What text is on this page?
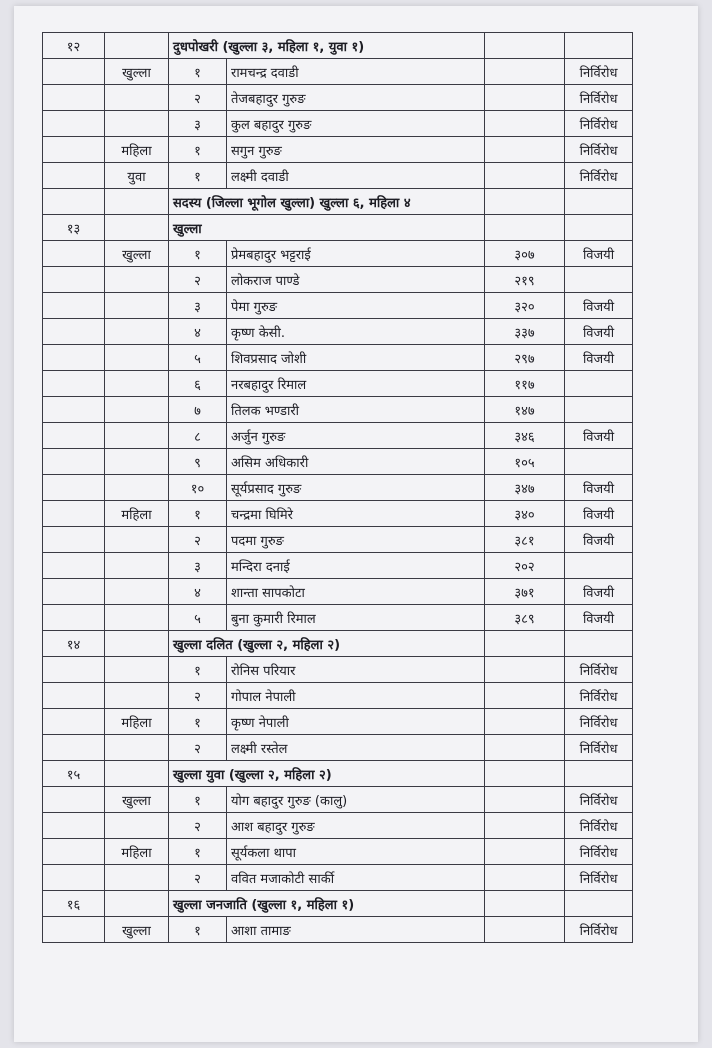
१२		दुधपोखरी (खुल्ला ३, महिला १, युवा १)			
	खुल्ला	१	रामचन्द्र दवाडी		निर्विरोध
		२	तेजबहादुर गुरुङ		निर्विरोध
		३	कुल बहादुर गुरुङ		निर्विरोध
	महिला	१	सगुन गुरुङ		निर्विरोध
	युवा	१	लक्ष्मी दवाडी		निर्विरोध
		सदस्य (जिल्ला भूगोल खुल्ला) खुल्ला ६, महिला ४			
१३		खुल्ला			
	खुल्ला	१	प्रेमबहादुर भट्टराई	३०७	विजयी
		२	लोकराज पाण्डे	२१९	
		३	पेमा गुरुङ	३२०	विजयी
		४	कृष्ण केसी.	३३७	विजयी
		५	शिवप्रसाद जोशी	२९७	विजयी
		६	नरबहादुर रिमाल	११७	
		७	तिलक भण्डारी	१४७	
		८	अर्जुन गुरुङ	३४६	विजयी
		९	असिम अधिकारी	१०५	
		१०	सूर्यप्रसाद गुरुङ	३४७	विजयी
	महिला	१	चन्द्रमा घिमिरे	३४०	विजयी
		२	पदमा गुरुङ	३८१	विजयी
		३	मन्दिरा दनाई	२०२	
		४	शान्ता सापकोटा	३७१	विजयी
		५	बुना कुमारी रिमाल	३८९	विजयी
१४		खुल्ला दलित (खुल्ला २, महिला २)			
		१	रोनिस परियार		निर्विरोध
		२	गोपाल नेपाली		निर्विरोध
	महिला	१	कृष्ण नेपाली		निर्विरोध
		२	लक्ष्मी रस्तेल		निर्विरोध
१५		खुल्ला युवा (खुल्ला २, महिला २)			
	खुल्ला	१	योग बहादुर गुरुङ (कालु)		निर्विरोध
		२	आश बहादुर गुरुङ		निर्विरोध
	महिला	१	सूर्यकला थापा		निर्विरोध
		२	ववित मजाकोटी सार्की		निर्विरोध
१६		खुल्ला जनजाति (खुल्ला १, महिला १)			
	खुल्ला	१	आशा तामाङ		निर्विरोध
